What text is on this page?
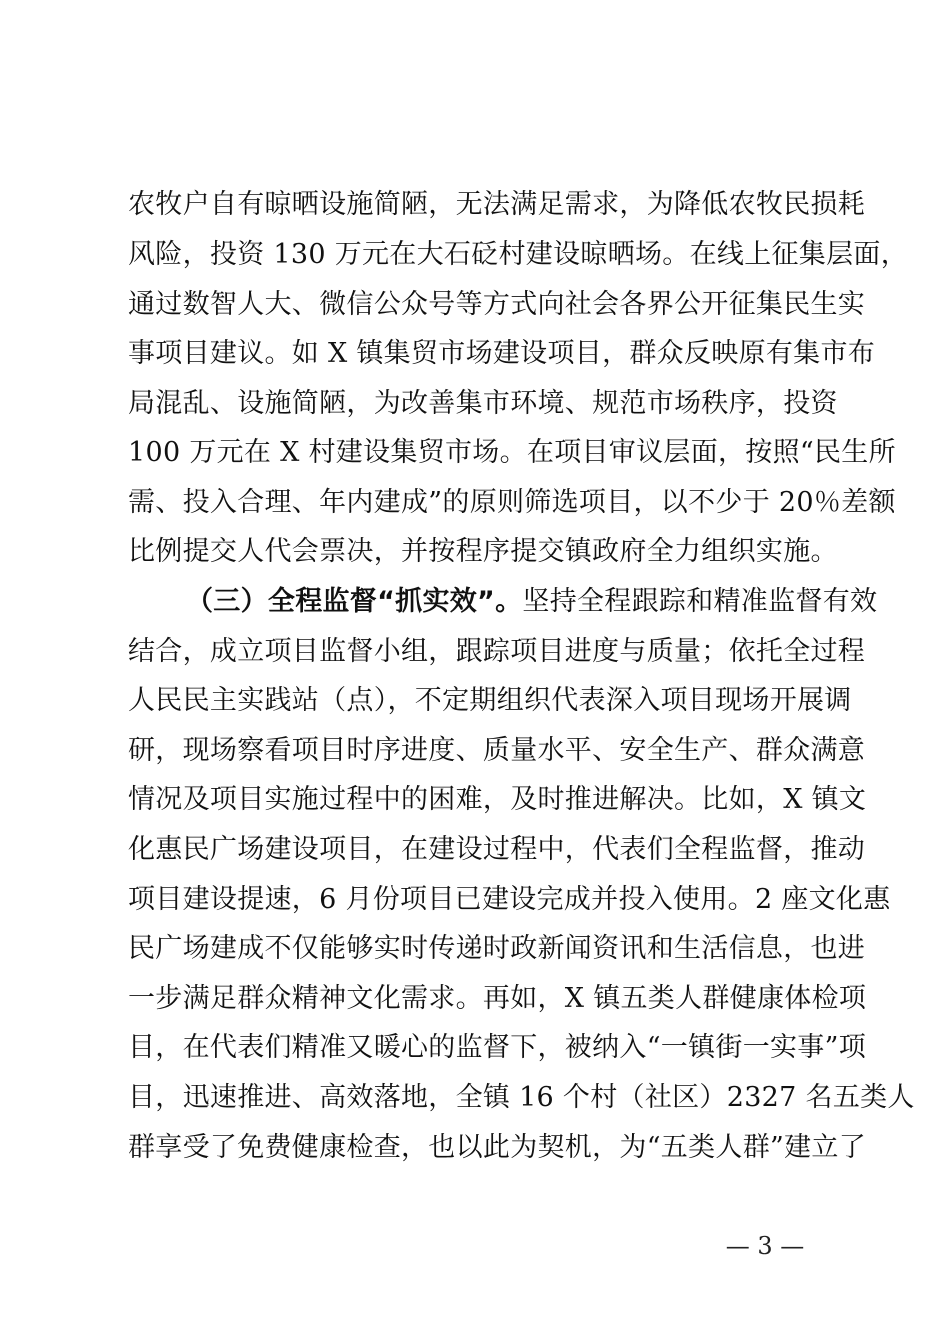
农牧户自有晾晒设施简陋，无法满足需求，为降低农牧民损耗
风险，投资 130 万元在大石砭村建设晾晒场。在线上征集层面，
通过数智人大、微信公众号等方式向社会各界公开征集民生实
事项目建议。如 X 镇集贸市场建设项目，群众反映原有集市布
局混乱、设施简陋，为改善集市环境、规范市场秩序，投资
100 万元在 X 村建设集贸市场。在项目审议层面，按照“民生所
需、投入合理、年内建成”的原则筛选项目，以不少于 20％差额
比例提交人代会票决，并按程序提交镇政府全力组织实施。
（三）全程监督“抓实效”。坚持全程跟踪和精准监督有效
结合，成立项目监督小组，跟踪项目进度与质量；依托全过程
人民民主实践站（点），不定期组织代表深入项目现场开展调
研，现场察看项目时序进度、质量水平、安全生产、群众满意
情况及项目实施过程中的困难，及时推进解决。比如，X 镇文
化惠民广场建设项目，在建设过程中，代表们全程监督，推动
项目建设提速，6 月份项目已建设完成并投入使用。2 座文化惠
民广场建成不仅能够实时传递时政新闻资讯和生活信息，也进
一步满足群众精神文化需求。再如，X 镇五类人群健康体检项
目，在代表们精准又暖心的监督下，被纳入“一镇街一实事”项
目，迅速推进、高效落地，全镇 16 个村（社区）2327 名五类人
群享受了免费健康检查，也以此为契机，为“五类人群”建立了
— 3 —
